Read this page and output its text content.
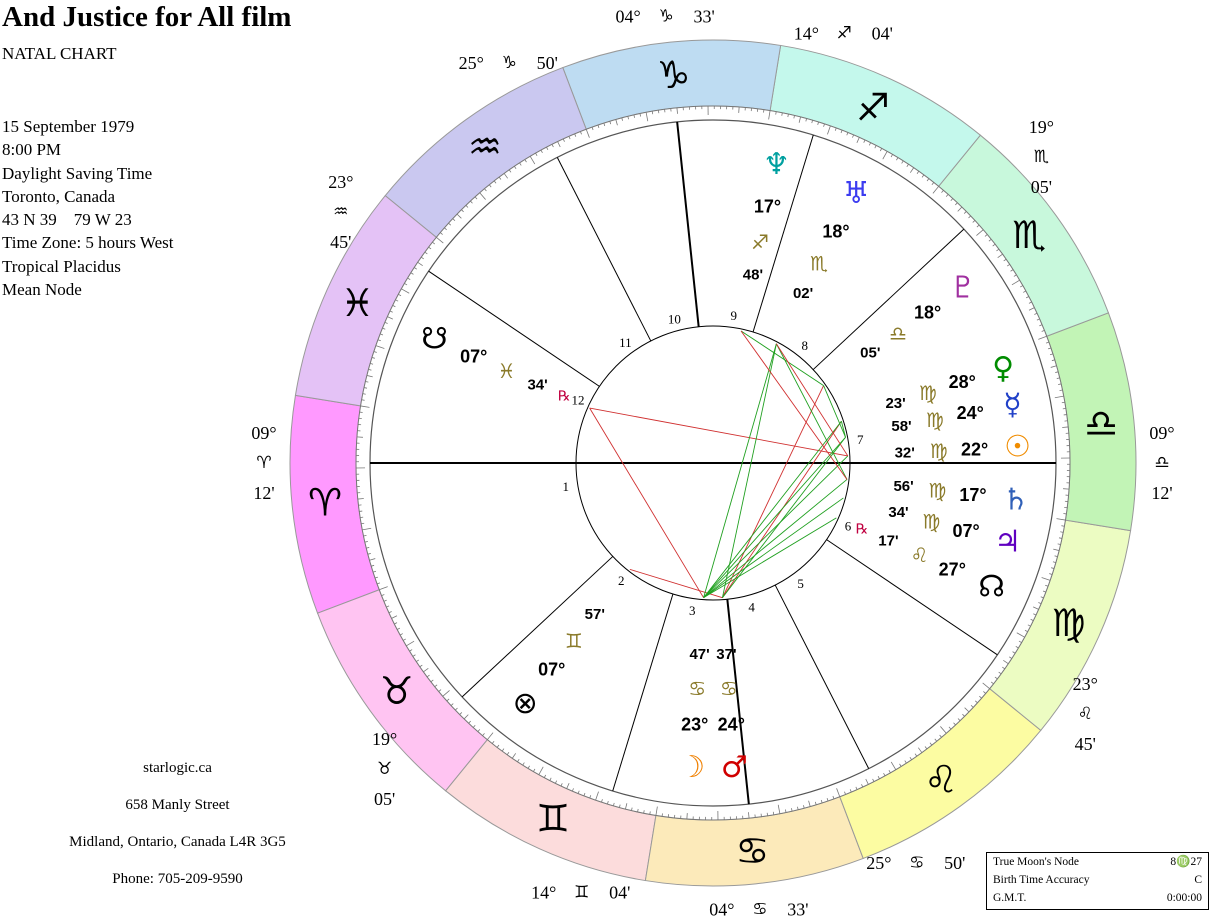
And Justice for All film
NATAL CHART
15 September 1979
8:00 PM
Daylight Saving Time
Toronto, Canada
43 N 39    79 W 23
Time Zone: 5 hours West
Tropical Placidus
Mean Node
starlogic.ca
658 Manly Street
Midland, Ontario, Canada L4R 3G5
Phone: 705-209-9590
True Moon's Node	8♍27
Birth Time Accuracy	C
G.M.T.	0:00:00
♈
♉
♊
♋
♌
♍
♎
♏
♐
♑
♒
♓
1
2
3	4
5
6
7
8
9
10
11
12
09°
♈
12'
19°
♉
05'
14° ♊ 04'
04° ♋ 33'
25° ♋ 50'
23°
♌
45'
09°
♎
12'
19°
♏
05'
14° ♐ 04'
04° ♑ 33'
25° ♑ 50'
23°
♒
45'
♆
17°
♐
48'
♅
18°
♏
02'	♇
18°
♎
05'	♀
28°
♍
23'	☿
24°
♍
58'
☉
22°
♍
32'
♄
17°
♍
56'
♃
07°
♍
34'
☊
27°
♌
17'
℞
♂
24°
♋
37'
☽
23°
♋
47'
⊗
07°
♊
57'
☋ 07°
♓
34'
℞
